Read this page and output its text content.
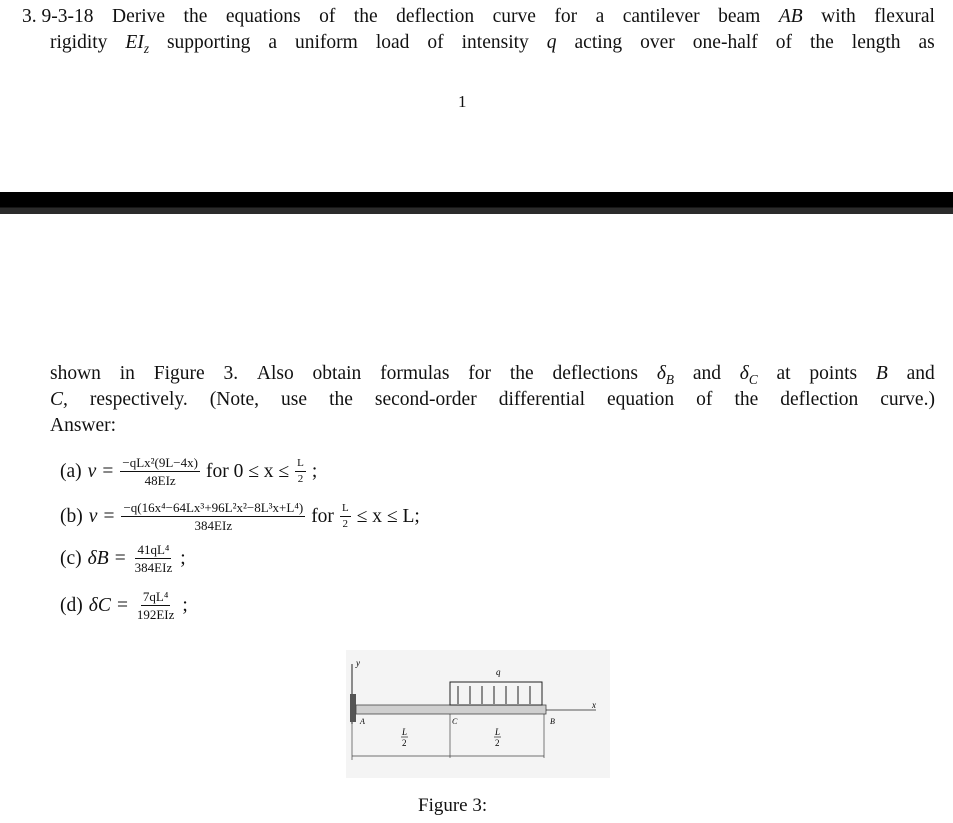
3. 9-3-18 Derive the equations of the deflection curve for a cantilever beam AB with flexural
rigidity $EI_z$ supporting a uniform load of intensity q acting over one-half of the length as
1
shown in Figure 3. Also obtain formulas for the deflections $\delta_B$ and $\delta_C$ at points B and
C, respectively. (Note, use the second-order differential equation of the deflection curve.)
Answer:
(a) $v = \frac{\text{−qLx²(9L−4x)}}{\text{48EIz}}$ for $0 \le x \le \frac{L}{2}$ ;
(b) $v = \frac{\text{−q(16x⁴−64Lx³+96L²x²−8L³x+L⁴)}}{\text{384EIz}}$ for $\frac{L}{2} \le x \le L$;
(c) $\delta B = \frac{\text{41qL⁴}}{\text{384EIz}}$ ;
(d) $\delta C = \frac{\text{7qL⁴}}{\text{192EIz}}$ ;
y
x
q
A	C	B
L
2
L
2
Figure 3:
